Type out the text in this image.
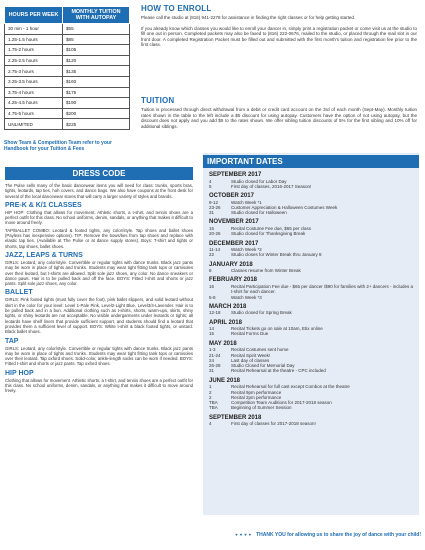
HOURS PER WEEK	MONTHLY TUITION WITH AUTOPAY
30 min - 1 hour	$55
1.25-1.5 hours	$85
1.75-2 hours	$105
2.25-2.5 hours	$120
2.75-3 hours	$135
3.25-3.5 hours	$160
3.75-4 hours	$175
4.25-4.5 hours	$190
4.75-5 hours	$200
UNLIMITED	$225
Show Team & Competition Team refer to your Handbook for your Tuition & Fees
HOW TO ENROLL

Please call the studio at (816) 941-2278 for assistance in finding the right classes or for help getting started.

If you already know which classes you would like to enroll your dancer in, simply print a registration packet or come visit us at the studio to fill one out in person. Completed packets may also be faxed to (816) 222-0676, mailed to the studio, or placed through the mail slot in our front door. A completed Registration Packet must be filled out and submitted with the first month's tuition and registration fee prior to the first class.

TUITION

Tuition is processed through direct withdrawal from a debit or credit card account on the 3rd of each month (Sept-May). Monthly tuition rates shown in the table to the left include a $5 discount for using autopay. Customers have the option of not using autopay, but the discount does not apply and you add $5 to the rates shown. We offer sibling tuition discounts of 5% for the first sibling and 10% off for additional siblings.

DRESS CODE

The Pulse sells many of the basic dancewear items you will need for class: trunks, sports bras, tights, leotards, tap ties, hoh covers, and dance bags. We also have coupons at the front desk for several of the local dancewear stores that will carry a larger variety of styles and brands.

PRE-K & K/1 CLASSES

HIP HOP: Clothing that allows for movement. Athletic shorts, a t-shirt, and tennis shoes are a perfect outfit for this class. No school uniforms, denim, sandals, or anything that makes it difficult to move around freely.

TAP/BALLET COMBO: Leotard & footed tights, any color/style. Tap shoes and ballet shoes (Payless has inexpensive options). TIP: Remove the bows/ties from tap shoes and replace with elastic tap ties. (Available at The Pulse or at dance supply stores). Boys: T-shirt and tights or shorts, tap shoes, ballet shoes.

JAZZ, LEAPS & TURNS

GIRLS: Leotard, any color/style. Convertible or regular tights with dance trunks. Black jazz pants may be worn in place of tights and trunks. Students may wear tight fitting tank tops or camisoles over their leotard, but t-shirts are allowed. Split sole jazz shoes, any color. No dance sneakers or dance paws. Hair is to be pulled back and off the face. BOYS: Fitted t-shirt and shorts or jazz pants. Split sole jazz shoes, any color.

BALLET

GIRLS: Pink footed tights (must fully cover the foot), pink ballet slippers, and solid leotard without skirt in the color for your level: Level 1-Pale Pink, Level2-Light Blue, Level3/4-Lavender. Hair is to be pulled back and in a bun. Additional clothing such as t-shirts, shorts, warm-ups, skirts, shiny tights, or shiny leotards are not acceptable. No visible undergarments under leotards or tights; all leotards have shelf liners that provide sufficient support, and students should find a leotard that provides them a sufficient level of support. BOYS: White t-shirt & black footed tights, or unitard. Black ballet shoes.

TAP

GIRLS: Leotard, any color/style. Convertible or regular tights with dance trunks. Black jazz pants may be worn in place of tights and trunks. Students may wear tight fitting tank tops or camisoles over their leotard. Tap oxford shoes. Solid-color, ankle-length socks can be worn if needed. BOYS: Fitted t-shirt and shorts or jazz pants. Tap oxford shoes.

HIP HOP

Clothing that allows for movement. Athletic shorts, a t-shirt, and tennis shoes are a perfect outfit for this class. No school uniforms, denim, sandals, or anything that makes it difficult to move around freely.

IMPORTANT DATES
SEPTEMBER 2017
4	Studio closed for Labor Day
5	First day of classes, 2016-2017 Season!
OCTOBER 2017
9-12	Watch Week *1
23-26	Customer Appreciation & Halloween Costumes Week
31	Studio closed for Halloween
NOVEMBER 2017
15	Recital Costume Fee due, $65 per class
20-26	Studio closed for Thanksgiving Break
DECEMBER 2017
11-14	Watch Week *2
22	Studio closes for Winter Break thru January 8
JANUARY 2018
8	Classes resume from Winter Break
FEBRUARY 2018
15	Recital Participation Fee due - $65 per dancer /$90 for families with 2+ dancers - includes a t-shirt for each dancer.
5-8	Watch Week *3
MARCH 2018
12-18	Studio closed for Spring Break
APRIL 2018
14	Recital Tickets go on sale at 10am, Etix online
15	Recital Forms Due
MAY 2018
1-3	Recital Costumes sent home
21-24	Recital Spirit Week!
24	Last day of classes
26-28	Studio Closed for Memorial Day
31	Recital Rehearsal at the theatre - CPC included
JUNE 2018
1	Recital Rehearsal for full cast except Combos at the theatre
2	Recital 9pm performance
2	Recital 2pm performance
TBA	Competition Team Auditions for 2017-2018 season
TBA	Beginning of Summer Session
SEPTEMBER 2018
4	First day of classes for 2017-2018 season!
♥ ♥ ♥ ♥ THANK YOU for allowing us to share the joy of dance with your child!
